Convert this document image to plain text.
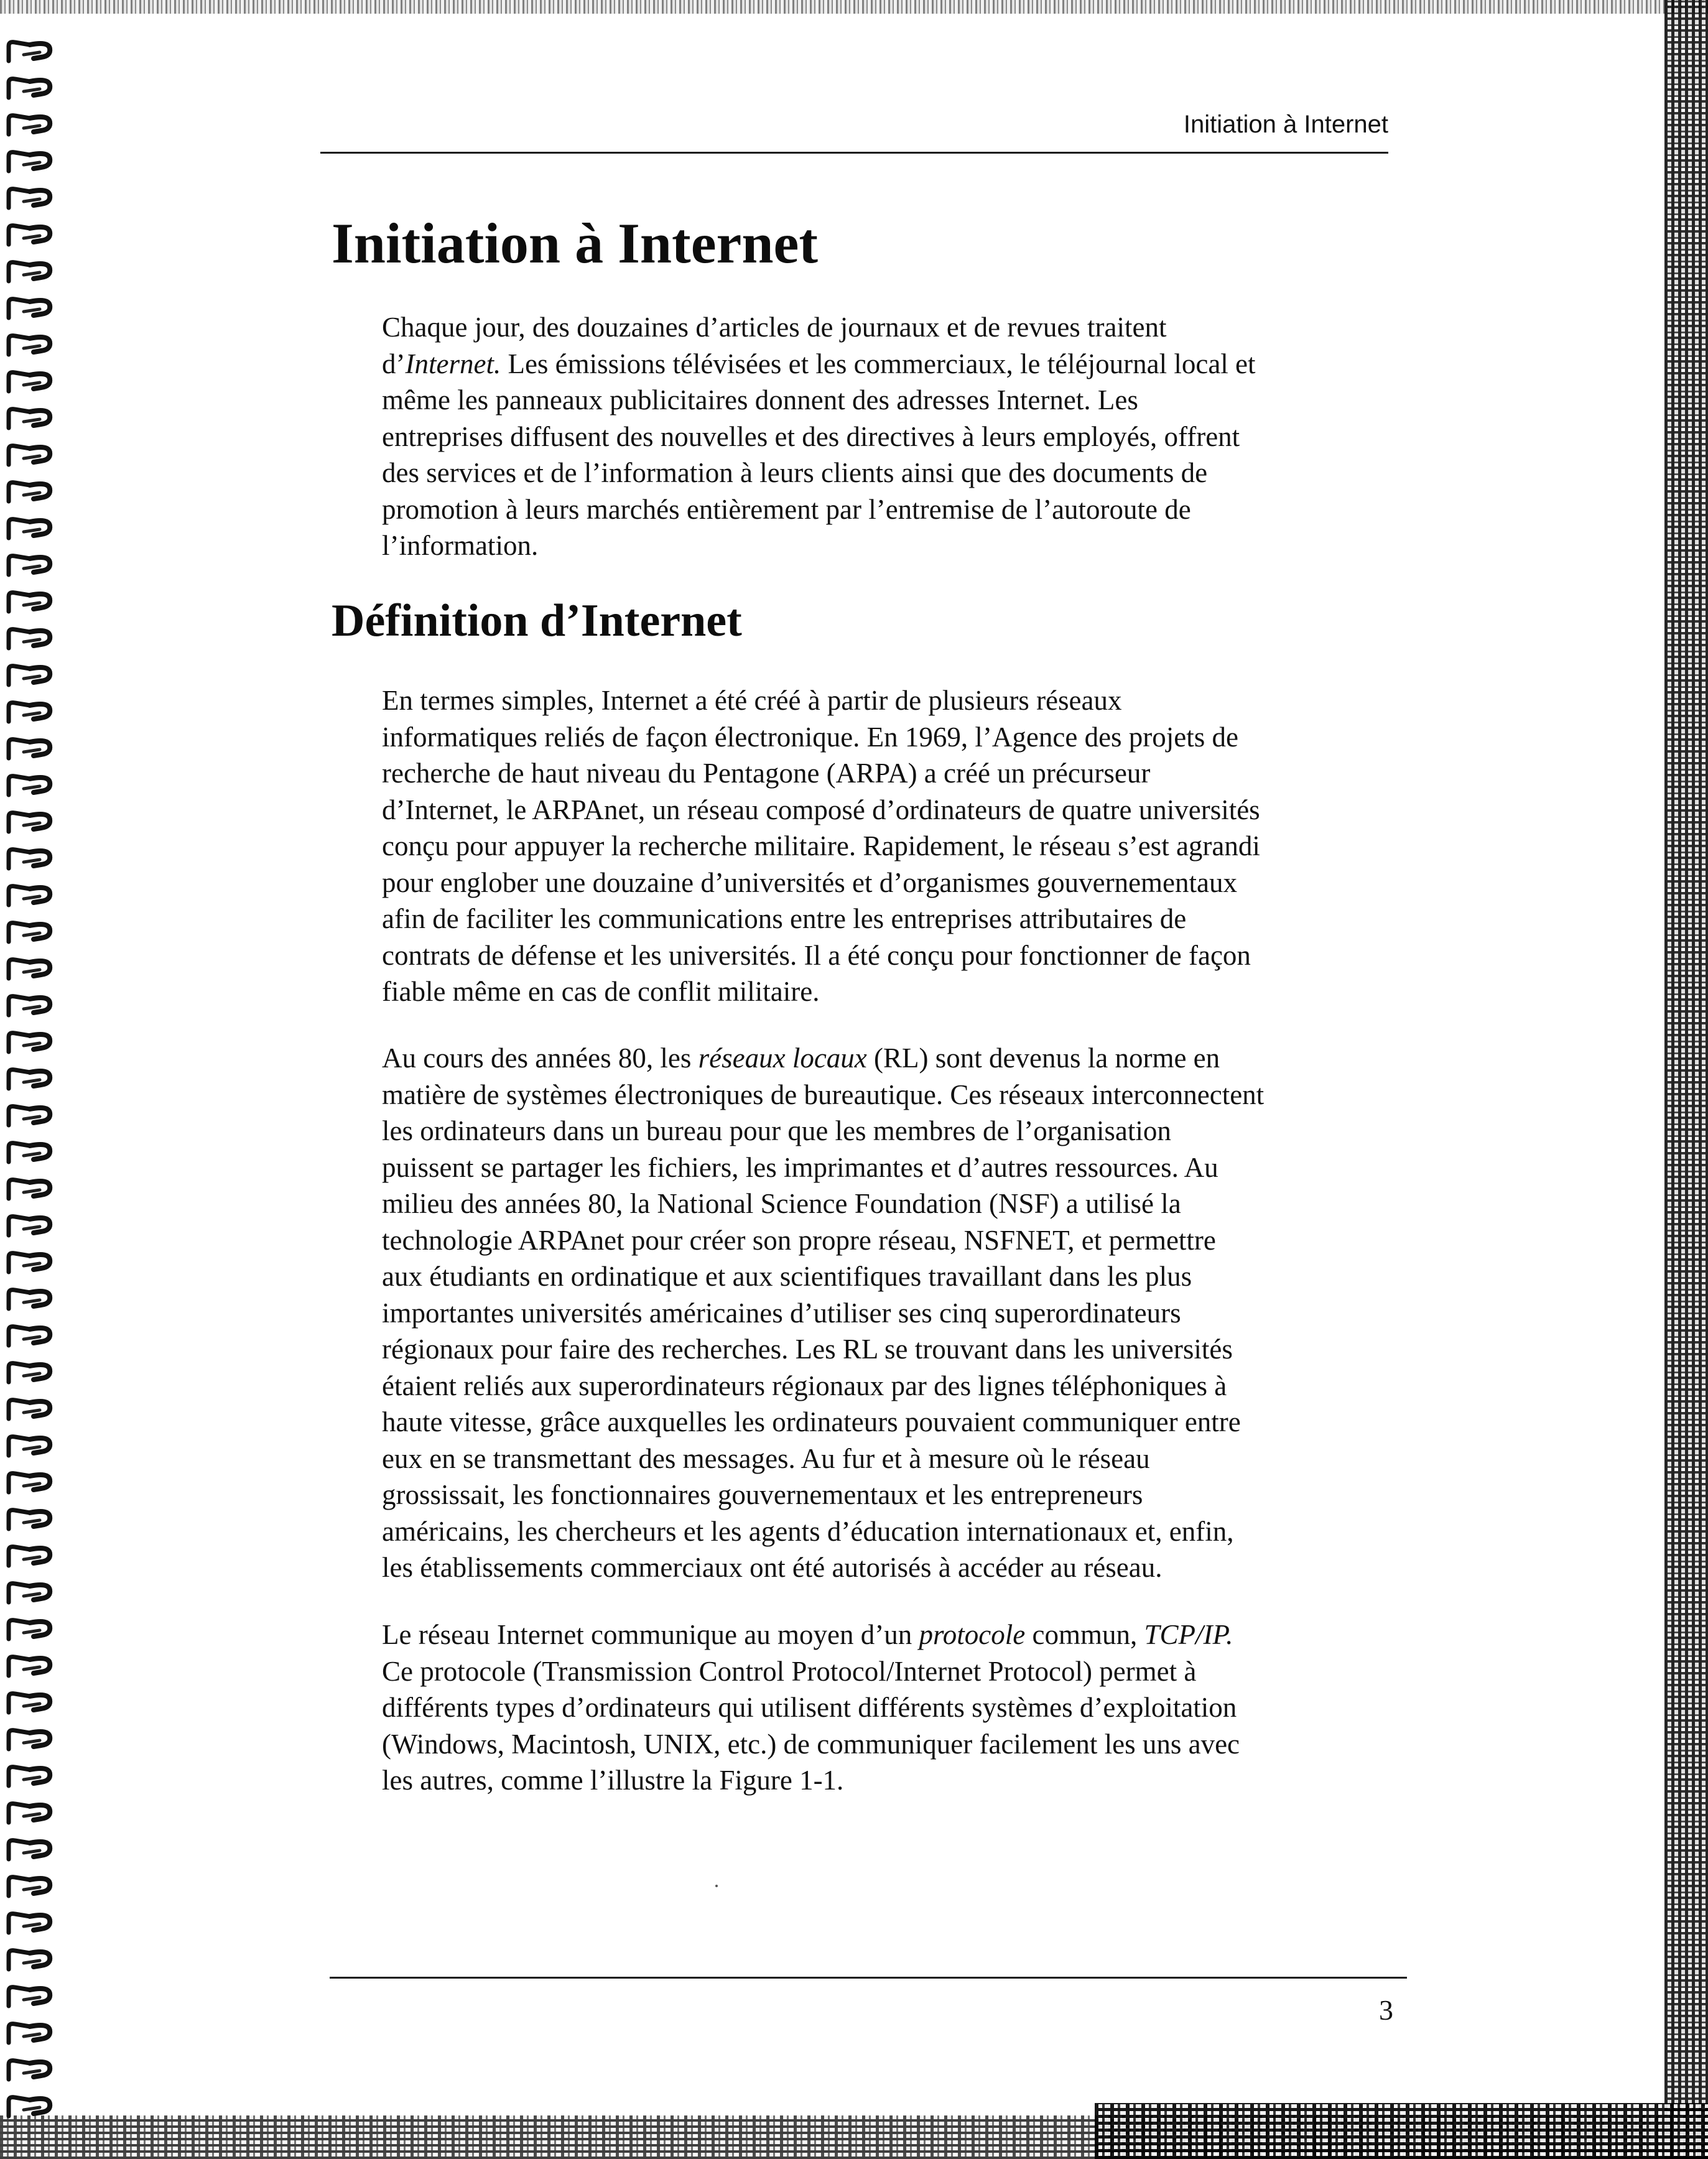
Initiation à Internet
Initiation à Internet
Chaque jour, des douzaines d’articles de journaux et de revues traitent
d’Internet. Les émissions télévisées et les commerciaux, le téléjournal local et
même les panneaux publicitaires donnent des adresses Internet. Les
entreprises diffusent des nouvelles et des directives à leurs employés, offrent
des services et de l’information à leurs clients ainsi que des documents de
promotion à leurs marchés entièrement par l’entremise de l’autoroute de
l’information.
Définition d’Internet
En termes simples, Internet a été créé à partir de plusieurs réseaux
informatiques reliés de façon électronique. En 1969, l’Agence des projets de
recherche de haut niveau du Pentagone (ARPA) a créé un précurseur
d’Internet, le ARPAnet, un réseau composé d’ordinateurs de quatre universités
conçu pour appuyer la recherche militaire. Rapidement, le réseau s’est agrandi
pour englober une douzaine d’universités et d’organismes gouvernementaux
afin de faciliter les communications entre les entreprises attributaires de
contrats de défense et les universités. Il a été conçu pour fonctionner de façon
fiable même en cas de conflit militaire.
Au cours des années 80, les réseaux locaux (RL) sont devenus la norme en
matière de systèmes électroniques de bureautique. Ces réseaux interconnectent
les ordinateurs dans un bureau pour que les membres de l’organisation
puissent se partager les fichiers, les imprimantes et d’autres ressources. Au
milieu des années 80, la National Science Foundation (NSF) a utilisé la
technologie ARPAnet pour créer son propre réseau, NSFNET, et permettre
aux étudiants en ordinatique et aux scientifiques travaillant dans les plus
importantes universités américaines d’utiliser ses cinq superordinateurs
régionaux pour faire des recherches. Les RL se trouvant dans les universités
étaient reliés aux superordinateurs régionaux par des lignes téléphoniques à
haute vitesse, grâce auxquelles les ordinateurs pouvaient communiquer entre
eux en se transmettant des messages. Au fur et à mesure où le réseau
grossissait, les fonctionnaires gouvernementaux et les entrepreneurs
américains, les chercheurs et les agents d’éducation internationaux et, enfin,
les établissements commerciaux ont été autorisés à accéder au réseau.
Le réseau Internet communique au moyen d’un protocole commun, TCP/IP.
Ce protocole (Transmission Control Protocol/Internet Protocol) permet à
différents types d’ordinateurs qui utilisent différents systèmes d’exploitation
(Windows, Macintosh, UNIX, etc.) de communiquer facilement les uns avec
les autres, comme l’illustre la Figure 1-1.
3
